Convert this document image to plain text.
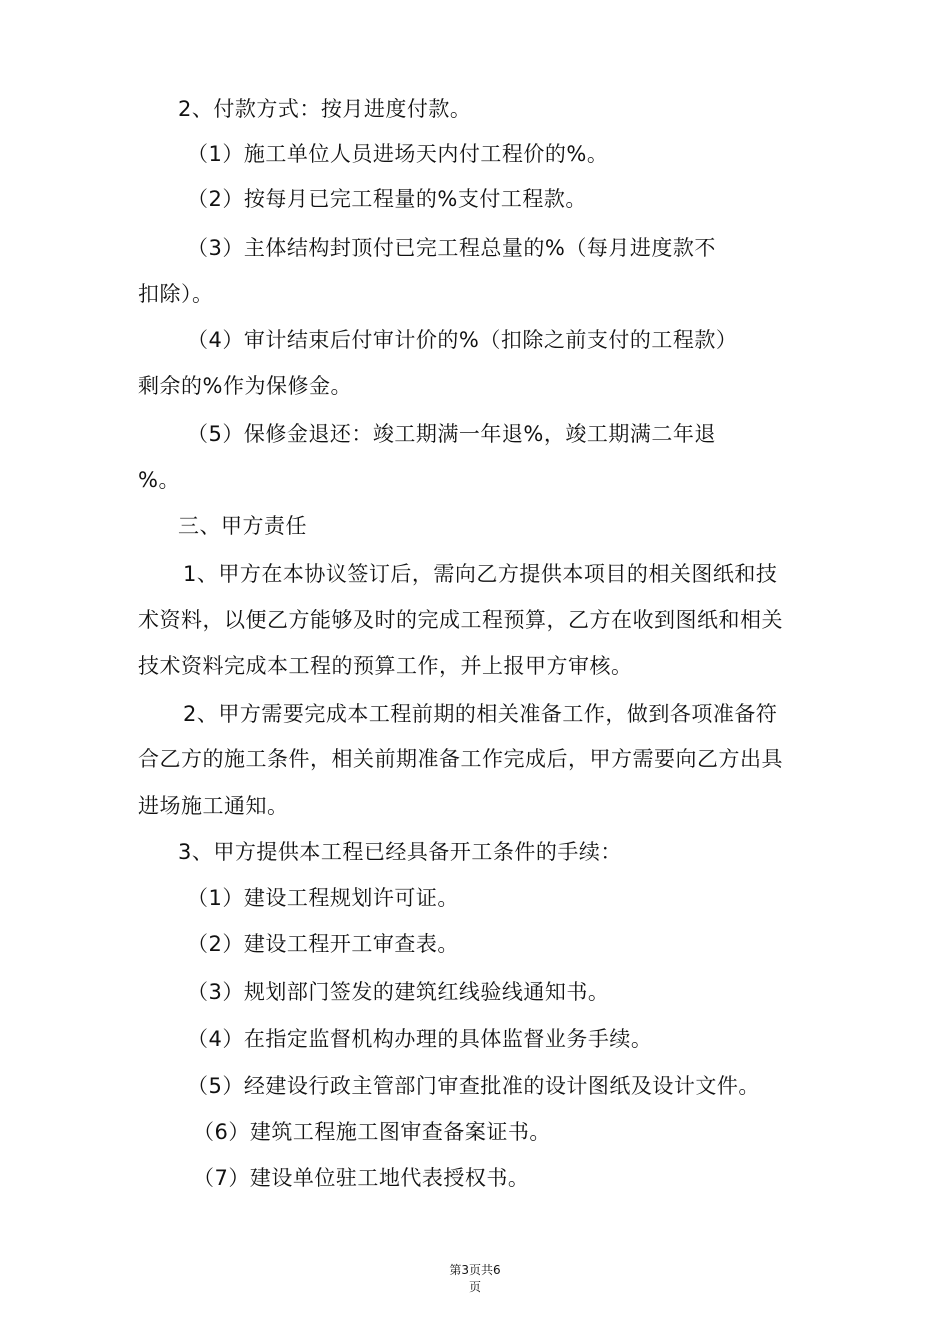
2、付款方式：按月进度付款。
（1）施工单位人员进场天内付工程价的%。
（2）按每月已完工程量的%支付工程款。
（3）主体结构封顶付已完工程总量的%（每月进度款不
扣除）。
（4）审计结束后付审计价的%（扣除之前支付的工程款）
剩余的%作为保修金。
（5）保修金退还：竣工期满一年退%，竣工期满二年退
%。
三、甲方责任
1、甲方在本协议签订后，需向乙方提供本项目的相关图纸和技
术资料，以便乙方能够及时的完成工程预算，乙方在收到图纸和相关
技术资料完成本工程的预算工作，并上报甲方审核。
2、甲方需要完成本工程前期的相关准备工作，做到各项准备符
合乙方的施工条件，相关前期准备工作完成后，甲方需要向乙方出具
进场施工通知。
3、甲方提供本工程已经具备开工条件的手续：
（1）建设工程规划许可证。
（2）建设工程开工审查表。
（3）规划部门签发的建筑红线验线通知书。
（4）在指定监督机构办理的具体监督业务手续。
（5）经建设行政主管部门审查批准的设计图纸及设计文件。
（6）建筑工程施工图审查备案证书。
（7）建设单位驻工地代表授权书。
第3页共6
页
